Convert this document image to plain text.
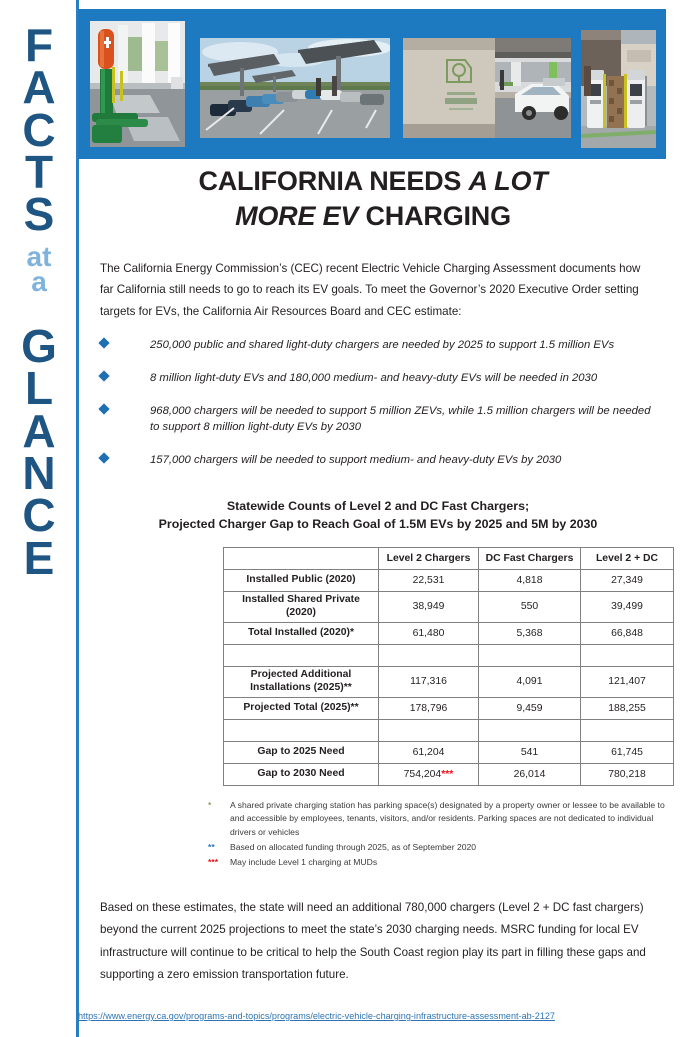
F
A
C
T
S
at
a
G
L
A
N
C
E
CALIFORNIA NEEDS A LOT
MORE EV CHARGING
The California Energy Commission’s (CEC) recent Electric Vehicle Charging Assessment documents how far California still needs to go to reach its EV goals. To meet the Governor’s 2020 Executive Order setting targets for EVs, the California Air Resources Board and CEC estimate:
250,000 public and shared light-duty chargers are needed by 2025 to support 1.5 million EVs
8 million light-duty EVs and 180,000 medium- and heavy-duty EVs will be needed in 2030
968,000 chargers will be needed to support 5 million ZEVs, while 1.5 million chargers will be needed to support 8 million light-duty EVs by 2030
157,000 chargers will be needed to support medium- and heavy-duty EVs by 2030
Statewide Counts of Level 2 and DC Fast Chargers;
Projected Charger Gap to Reach Goal of 1.5M EVs by 2025 and 5M by 2030
	Level 2 Chargers	DC Fast Chargers	Level 2 + DC
Installed Public (2020)	22,531	4,818	27,349
Installed Shared Private (2020)	38,949	550	39,499
Total Installed (2020)*	61,480	5,368	66,848

Projected Additional Installations (2025)**	117,316	4,091	121,407
Projected Total (2025)**	178,796	9,459	188,255

Gap to 2025 Need	61,204	541	61,745
Gap to 2030 Need	754,204***	26,014	780,218
*	A shared private charging station has parking space(s) designated by a property owner or lessee to be available to and accessible by employees, tenants, visitors, and/or residents. Parking spaces are not dedicated to individual drivers or vehicles
**	Based on allocated funding through 2025, as of September 2020
***	May include Level 1 charging at MUDs
Based on these estimates, the state will need an additional 780,000 chargers (Level 2 + DC fast chargers) beyond the current 2025 projections to meet the state’s 2030 charging needs. MSRC funding for local EV infrastructure will continue to be critical to help the South Coast region play its part in filling these gaps and supporting a zero emission transportation future.
https://www.energy.ca.gov/programs-and-topics/programs/electric-vehicle-charging-infrastructure-assessment-ab-2127
